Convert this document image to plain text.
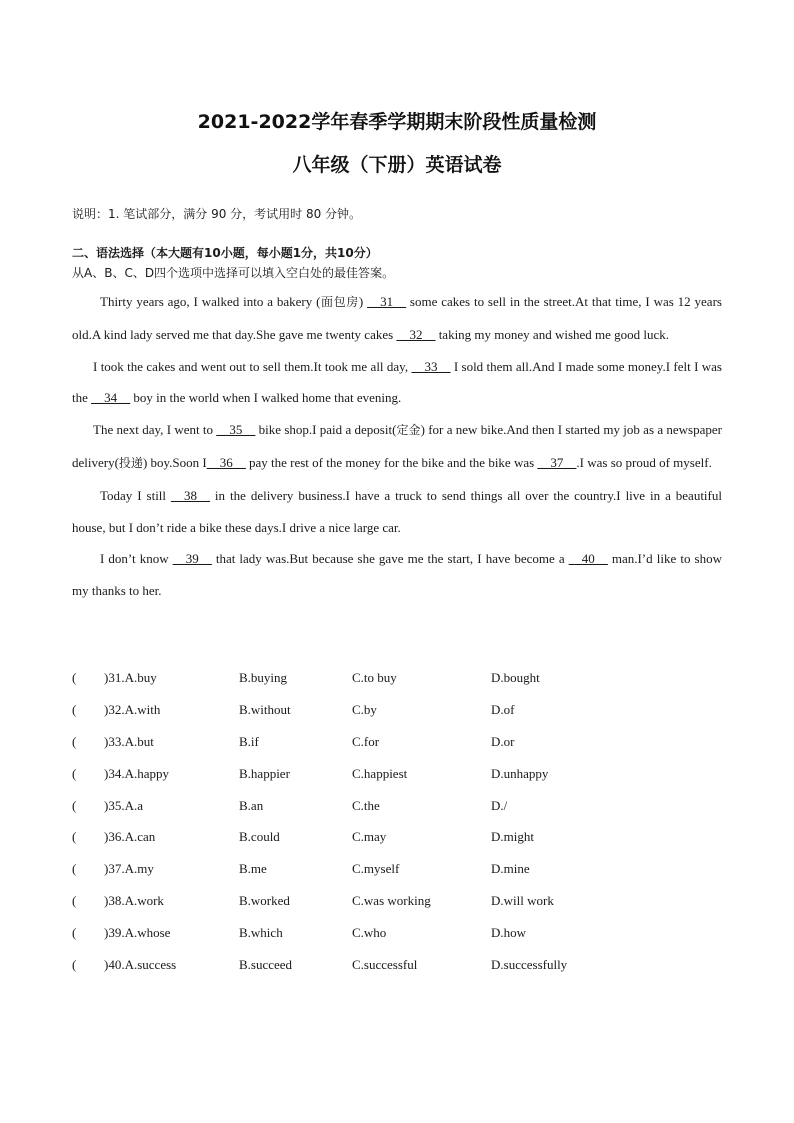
2021-2022学年春季学期期末阶段性质量检测
八年级（下册）英语试卷
说明：1. 笔试部分，满分 90 分，考试用时 80 分钟。
二、语法选择（本大题有10小题，每小题1分，共10分）
从A、B、C、D四个选项中选择可以填入空白处的最佳答案。

Thirty years ago, I walked into a bakery (面包房) __31__ some cakes to sell in the street.At that time, I was 12 years old.A kind lady served me that day.She gave me twenty cakes __32__ taking my money and wished me good luck.

I took the cakes and went out to sell them.It took me all day, __33__ I sold them all.And I made some money.I felt I was the __34__ boy in the world when I walked home that evening.

The next day, I went to __35__ bike shop.I paid a deposit(定金) for a new bike.And then I started my job as a newspaper delivery(投递) boy.Soon I__36__ pay the rest of the money for the bike and the bike was __37__.I was so proud of myself.

Today I still __38__ in the delivery business.I have a truck to send things all over the country.I live in a beautiful house, but I don’t ride a bike these days.I drive a nice large car.

I don’t know __39__ that lady was.But because she gave me the start, I have become a __40__ man.I’d like to show my thanks to her.

( )31.A.buy	B.buying	C.to buy	D.bought
( )32.A.with	B.without	C.by	D.of
( )33.A.but	B.if	C.for	D.or
( )34.A.happy	B.happier	C.happiest	D.unhappy
( )35.A.a	B.an	C.the	D./
( )36.A.can	B.could	C.may	D.might
( )37.A.my	B.me	C.myself	D.mine
( )38.A.work	B.worked	C.was working	D.will work
( )39.A.whose	B.which	C.who	D.how
( )40.A.success	B.succeed	C.successful	D.successfully
